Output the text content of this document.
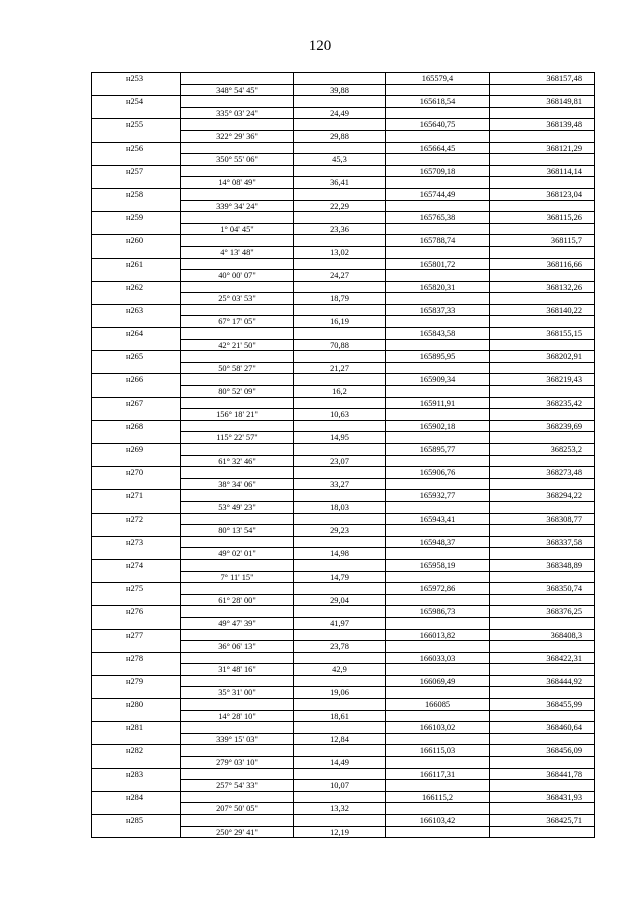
120
н253	165579,4	368157,48
348° 54' 45"	39,88
н254	165618,54	368149,81
335° 03' 24"	24,49
н255	165640,75	368139,48
322° 29' 36"	29,88
н256	165664,45	368121,29
350° 55' 06"	45,3
н257	165709,18	368114,14
14° 08' 49"	36,41
н258	165744,49	368123,04
339° 34' 24"	22,29
н259	165765,38	368115,26
1° 04' 45"	23,36
н260	165788,74	368115,7
4° 13' 48"	13,02
н261	165801,72	368116,66
40° 00' 07"	24,27
н262	165820,31	368132,26
25° 03' 53"	18,79
н263	165837,33	368140,22
67° 17' 05"	16,19
н264	165843,58	368155,15
42° 21' 50"	70,88
н265	165895,95	368202,91
50° 58' 27"	21,27
н266	165909,34	368219,43
80° 52' 09"	16,2
н267	165911,91	368235,42
156° 18' 21"	10,63
н268	165902,18	368239,69
115° 22' 57"	14,95
н269	165895,77	368253,2
61° 32' 46"	23,07
н270	165906,76	368273,48
38° 34' 06"	33,27
н271	165932,77	368294,22
53° 49' 23"	18,03
н272	165943,41	368308,77
80° 13' 54"	29,23
н273	165948,37	368337,58
49° 02' 01"	14,98
н274	165958,19	368348,89
7° 11' 15"	14,79
н275	165972,86	368350,74
61° 28' 00"	29,04
н276	165986,73	368376,25
49° 47' 39"	41,97
н277	166013,82	368408,3
36° 06' 13"	23,78
н278	166033,03	368422,31
31° 48' 16"	42,9
н279	166069,49	368444,92
35° 31' 00"	19,06
н280	166085	368455,99
14° 28' 10"	18,61
н281	166103,02	368460,64
339° 15' 03"	12,84
н282	166115,03	368456,09
279° 03' 10"	14,49
н283	166117,31	368441,78
257° 54' 33"	10,07
н284	166115,2	368431,93
207° 50' 05"	13,32
н285	166103,42	368425,71
250° 29' 41"	12,19
